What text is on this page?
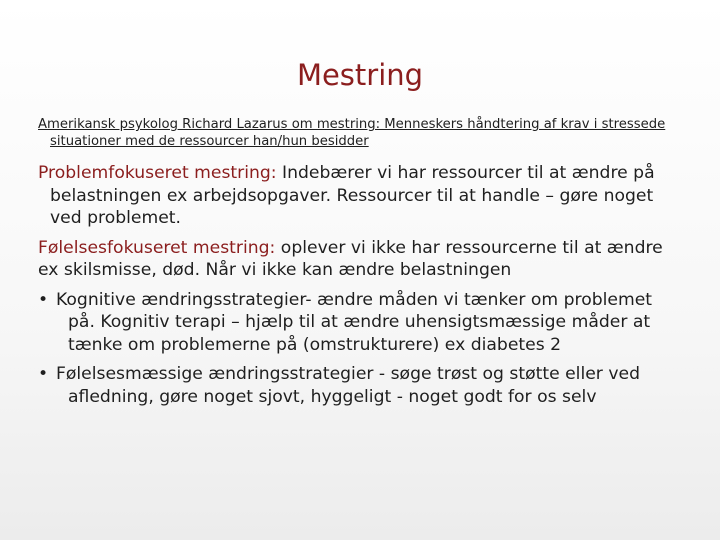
Mestring
Amerikansk psykolog Richard Lazarus om mestring: Menneskers håndtering af krav i stressede situationer med de ressourcer han/hun besidder
Problemfokuseret mestring: Indebærer vi har ressourcer til at ændre på belastningen ex arbejdsopgaver. Ressourcer til at handle – gøre noget ved problemet.
Følelsesfokuseret mestring: oplever vi ikke har ressourcerne til at ændre ex skilsmisse, død. Når vi ikke kan ændre belastningen
• Kognitive ændringsstrategier- ændre måden vi tænker om problemet på. Kognitiv terapi – hjælp til at ændre uhensigtsmæssige måder at tænke om problemerne på (omstrukturere) ex diabetes 2
• Følelsesmæssige ændringsstrategier - søge trøst og støtte eller ved afledning, gøre noget sjovt, hyggeligt - noget godt for os selv
